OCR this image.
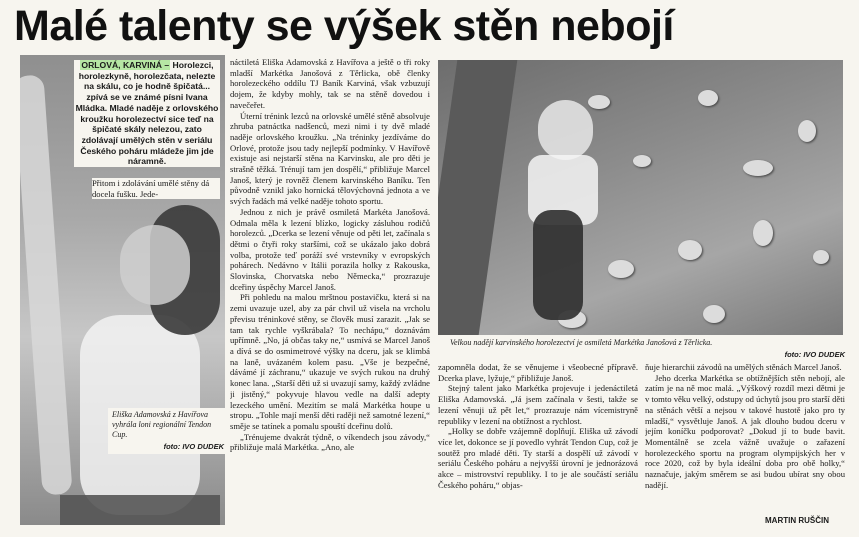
Malé talenty se výšek stěn nebojí
ORLOVÁ, KARVINÁ – Horolezci, horolezkyně, horolezčata, nelezte na skálu, co je hodně špičatá... zpívá se ve známé písni Ivana Mládka. Mladé naděje z orlovského kroužku horolezectví sice teď na špičaté skály nelezou, zato zdolávají umělých stěn v seriálu Českého poháru mládeže jim jde náramně.
Přitom i zdolávání umělé stěny dá docela fušku. Jede-
Eliška Adamovská z Havířova vyhrála loni regionální Tendon Cup.
foto: IVO DUDEK

náctiletá Eliška Adamovská z Havířova a ještě o tři roky mladší Markétka Janošová z Těrlicka, obě členky horolezeckého oddílu TJ Baník Karviná, však vzbuzují dojem, že kdyby mohly, tak se na stěně dovedou i navečeřet.

Úterní trénink lezců na orlovské umělé stěně absolvuje zhruba patnáctka nadšenců, mezi nimi i ty dvě mladé naděje orlovského kroužku. „Na tréninky jezdíváme do Orlové, protože jsou tady nejlepší podmínky. V Havířově existuje asi nejstarší stěna na Karvinsku, ale pro děti je strašně těžká. Trénují tam jen dospělí,“ přibližuje Marcel Janoš, který je rovněž členem karvinského Baníku. Ten původně vznikl jako hornická tělovýchovná jednota a ve svých řadách má velké naděje tohoto sportu.

Jednou z nich je právě osmiletá Markéta Janošová. Odmala měla k lezení blízko, logicky zásluhou rodičů horolezců. „Dcerka se lezení věnuje od pěti let, začínala s dětmi o čtyři roky staršími, což se ukázalo jako dobrá volba, protože teď poráží své vrstevníky v evropských pohárech. Nedávno v Itálii porazila holky z Rakouska, Slovinska, Chorvatska nebo Německa,“ prozrazuje dceřiny úspěchy Marcel Janoš.

Při pohledu na malou mrštnou postavičku, která si na zemi uvazuje uzel, aby za pár chvil už visela na vrcholu převisu tréninkové stěny, se člověk musí zarazit. „Jak se tam tak rychle vyškrábala? To nechápu,“ doznávám upřímně. „No, já občas taky ne,“ usmívá se Marcel Janoš a dívá se do osmimetrové výšky na dceru, jak se klimbá na laně, uvázaném kolem pasu. „Vše je bezpečné, dávámé jí záchranu,“ ukazuje ve svých rukou na druhý konec lana. „Starší děti už si uvazují samy, každý zvládne ji jistěný,“ pokyvuje hlavou vedle na další adepty lezeckého umění. Mezitím se malá Markétka houpe u stropu. „Tohle mají menší děti raději než samotné lezení,“ směje se tatínek a pomalu spouští dceřinu dolů.

„Trénujeme dvakrát týdně, o víkendech jsou závody,“ přibližuje malá Markétka. „Ano, ale

Velkou nadějí karvinského horolezectví je osmiletá Markétka Janošová z Těrlicka.
foto: IVO DUDEK

zapomněla dodat, že se věnujeme i všeobecné přípravě. Dcerka plave, lyžuje,“ přibližuje Janoš.

Stejný talent jako Markétka projevuje i jedenáctiletá Eliška Adamovská. „Já jsem začínala v šesti, takže se lezení věnuji už pět let,“ prozrazuje nám vícemistryně republiky v lezení na obtížnost a rychlost.

„Holky se dobře vzájemně doplňují. Eliška už závodí více let, dokonce se jí povedlo vyhrát Tendon Cup, což je soutěž pro mladé děti. Ty starší a dospělí už závodí v seriálu Českého poháru a nejvyšší úrovní je jednorázová akce – mistrovství republiky. I to je ale součástí seriálu Českého poháru,“ objas-

ňuje hierarchii závodů na umělých stěnách Marcel Janoš.

Jeho dcerka Markétka se obtížnějších stěn nebojí, ale zatím je na ně moc malá. „Výškový rozdíl mezi dětmi je v tomto věku velký, odstupy od úchytů jsou pro starší děti na stěnách větší a nejsou v takové hustotě jako pro ty mladší,“ vysvětluje Janoš. A jak dlouho budou dceru v jejím koníčku podporovat? „Dokud jí to bude bavit. Momentálně se zcela vážně uvažuje o zařazení horolezeckého sportu na program olympijských her v roce 2020, což by byla ideální doba pro obě holky,“ naznačuje, jakým směrem se asi budou ubírat sny obou nadějí.

MARTIN RUŠČIN
